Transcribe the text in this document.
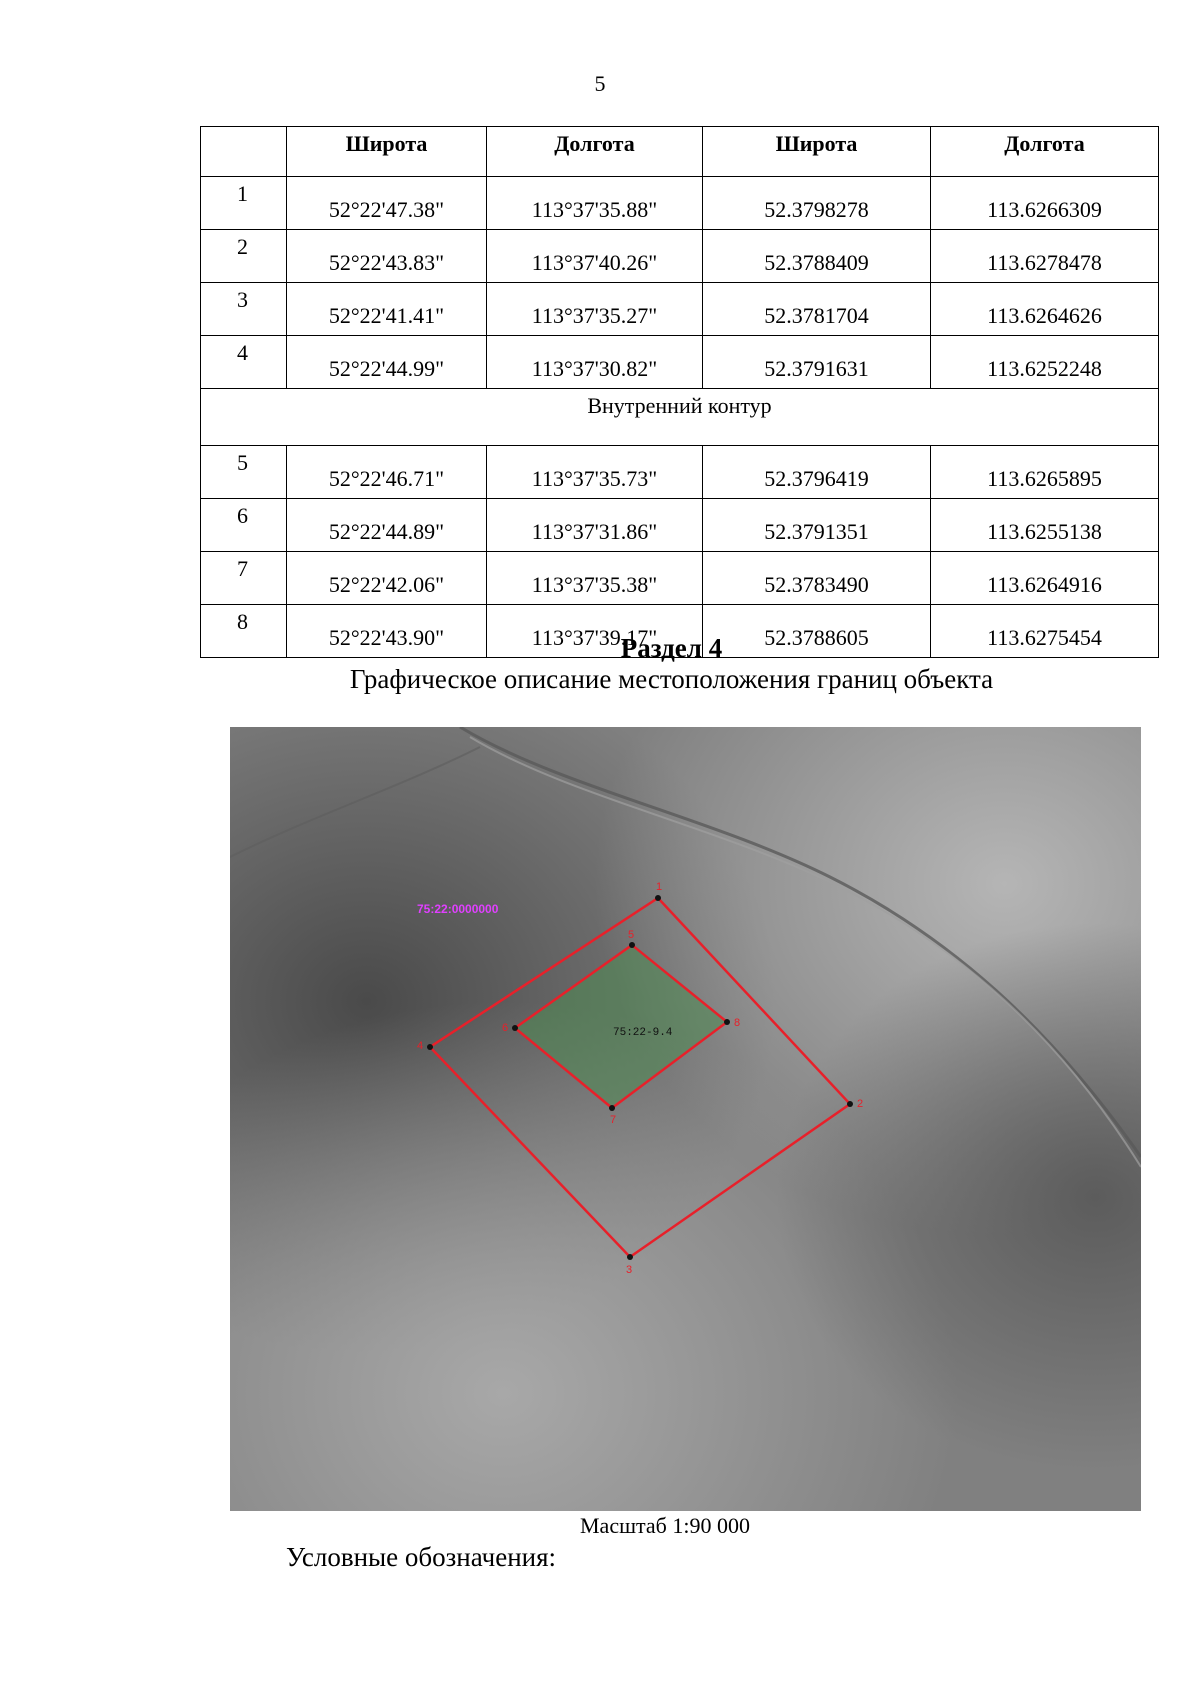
5
	Широта	Долгота	Широта	Долгота
1	52°22'47.38"	113°37'35.88"	52.3798278	113.6266309
2	52°22'43.83"	113°37'40.26"	52.3788409	113.6278478
3	52°22'41.41"	113°37'35.27"	52.3781704	113.6264626
4	52°22'44.99"	113°37'30.82"	52.3791631	113.6252248
Внутренний контур				
5	52°22'46.71"	113°37'35.73"	52.3796419	113.6265895
6	52°22'44.89"	113°37'31.86"	52.3791351	113.6255138
7	52°22'42.06"	113°37'35.38"	52.3783490	113.6264916
8	52°22'43.90"	113°37'39.17"	52.3788605	113.6275454
Раздел 4
Графическое описание местоположения границ объекта
1
2
3
4
5
6
7
8
75:22:0000000
75:22-9.4
Масштаб 1:90 000
Условные обозначения:
